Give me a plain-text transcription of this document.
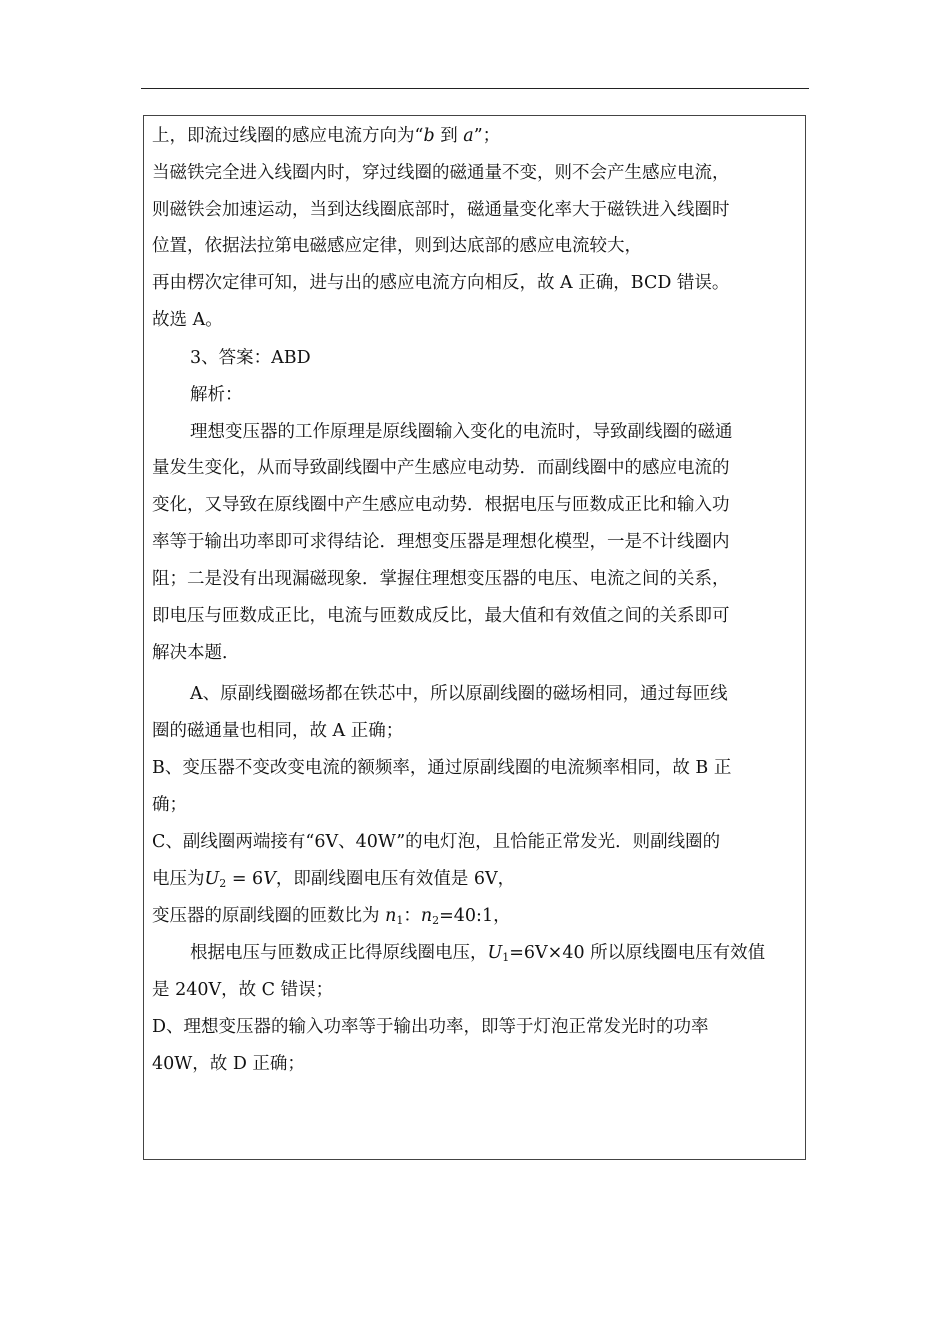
上，即流过线圈的感应电流方向为“b 到 a”；
当磁铁完全进入线圈内时，穿过线圈的磁通量不变，则不会产生感应电流，
则磁铁会加速运动，当到达线圈底部时，磁通量变化率大于磁铁进入线圈时
位置，依据法拉第电磁感应定律，则到达底部的感应电流较大，
再由楞次定律可知，进与出的感应电流方向相反，故 A 正确，BCD 错误。
故选 A。
3、答案：ABD
解析：
理想变压器的工作原理是原线圈输入变化的电流时，导致副线圈的磁通
量发生变化，从而导致副线圈中产生感应电动势．而副线圈中的感应电流的
变化，又导致在原线圈中产生感应电动势．根据电压与匝数成正比和输入功
率等于输出功率即可求得结论．理想变压器是理想化模型，一是不计线圈内
阻；二是没有出现漏磁现象．掌握住理想变压器的电压、电流之间的关系，
即电压与匝数成正比，电流与匝数成反比，最大值和有效值之间的关系即可
解决本题．
A、原副线圈磁场都在铁芯中，所以原副线圈的磁场相同，通过每匝线
圈的磁通量也相同，故 A 正确；
B、变压器不变改变电流的额频率，通过原副线圈的电流频率相同，故 B 正
确；
C、副线圈两端接有“6V、40W”的电灯泡，且恰能正常发光．则副线圈的
电压为$U_2 = 6V$，即副线圈电压有效值是 6V，
变压器的原副线圈的匝数比为 $n_1$：$n_2=40:1$，
根据电压与匝数成正比得原线圈电压，$U_1=6V\times 40$ 所以原线圈电压有效值
是 240V，故 C 错误；
D、理想变压器的输入功率等于输出功率，即等于灯泡正常发光时的功率
40W，故 D 正确；
